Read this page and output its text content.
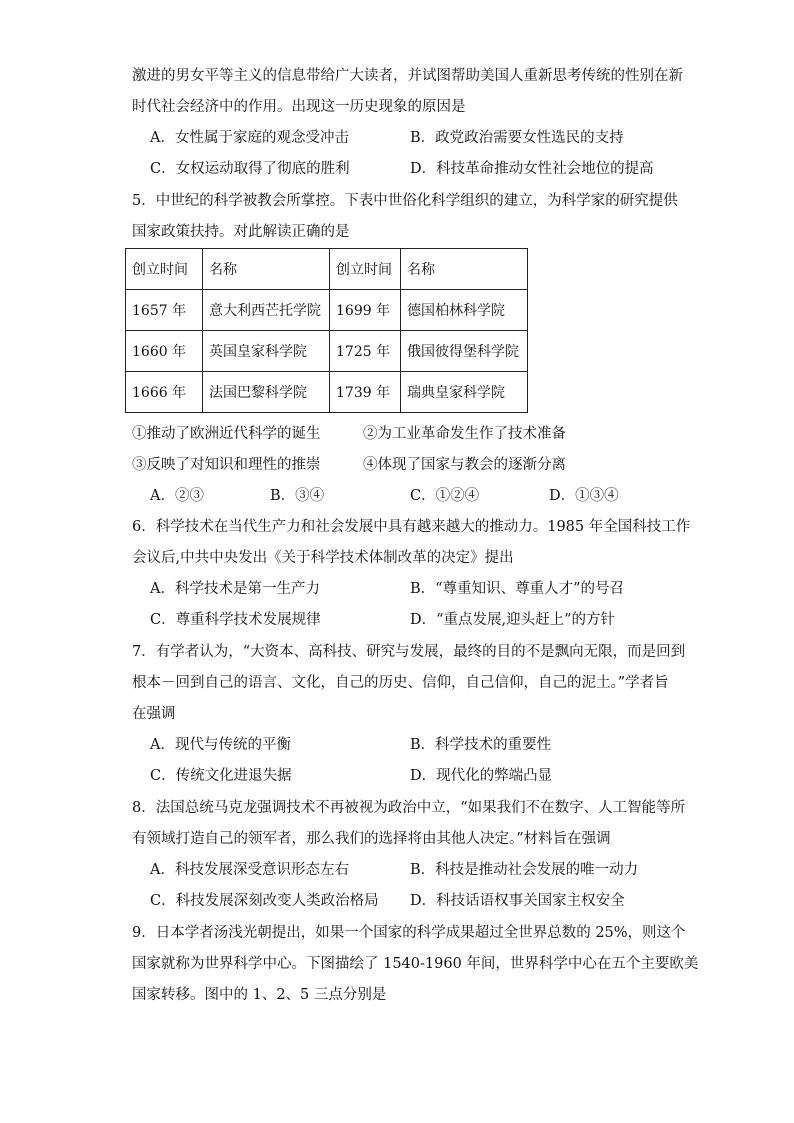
激进的男女平等主义的信息带给广大读者，并试图帮助美国人重新思考传统的性别在新
时代社会经济中的作用。出现这一历史现象的原因是
A．女性属于家庭的观念受冲击	B．政党政治需要女性选民的支持
C．女权运动取得了彻底的胜利	D．科技革命推动女性社会地位的提高
5．中世纪的科学被教会所掌控。下表中世俗化科学组织的建立，为科学家的研究提供
国家政策扶持。对此解读正确的是
创立时间	名称	创立时间	名称
1657 年	意大利西芒托学院	1699 年	德国柏林科学院
1660 年	英国皇家科学院	1725 年	俄国彼得堡科学院
1666 年	法国巴黎科学院	1739 年	瑞典皇家科学院
①推动了欧洲近代科学的诞生	②为工业革命发生作了技术准备
③反映了对知识和理性的推崇	④体现了国家与教会的逐渐分离
A．②③	B．③④	C．①②④	D．①③④
6．科学技术在当代生产力和社会发展中具有越来越大的推动力。1985 年全国科技工作
会议后,中共中央发出《关于科学技术体制改革的决定》提出
A．科学技术是第一生产力	B．“尊重知识、尊重人才”的号召
C．尊重科学技术发展规律	D．“重点发展,迎头赶上”的方针
7．有学者认为，“大资本、高科技、研究与发展，最终的目的不是飘向无限，而是回到
根本－回到自己的语言、文化，自己的历史、信仰，自己信仰，自己的泥土。”学者旨
在强调
A．现代与传统的平衡	B．科学技术的重要性
C．传统文化进退失据	D．现代化的弊端凸显
8．法国总统马克龙强调技术不再被视为政治中立，“如果我们不在数字、人工智能等所
有领域打造自己的领军者，那么我们的选择将由其他人决定。”材料旨在强调
A．科技发展深受意识形态左右	B．科技是推动社会发展的唯一动力
C．科技发展深刻改变人类政治格局 D．科技话语权事关国家主权安全
9．日本学者汤浅光朝提出，如果一个国家的科学成果超过全世界总数的 25%，则这个
国家就称为世界科学中心。下图描绘了 1540-1960 年间，世界科学中心在五个主要欧美
国家转移。图中的 1、2、5 三点分别是
